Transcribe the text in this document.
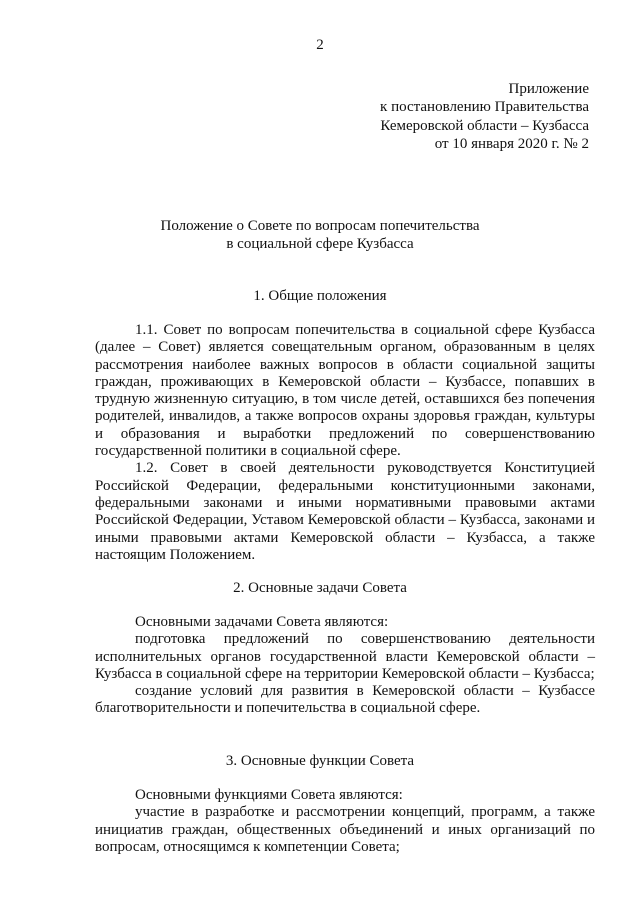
2
Приложение
к постановлению Правительства
Кемеровской области – Кузбасса
от 10 января 2020 г. № 2
Положение о Совете по вопросам попечительства
в социальной сфере Кузбасса
1. Общие положения

1.1. Совет по вопросам попечительства в социальной сфере Кузбасса (далее – Совет) является совещательным органом, образованным в целях рассмотрения наиболее важных вопросов в области социальной защиты граждан, проживающих в Кемеровской области – Кузбассе, попавших в трудную жизненную ситуацию, в том числе детей, оставшихся без попечения родителей, инвалидов, а также вопросов охраны здоровья граждан, культуры и образования и выработки предложений по совершенствованию государственной политики в социальной сфере.

1.2. Совет в своей деятельности руководствуется Конституцией Российской Федерации, федеральными конституционными законами, федеральными законами и иными нормативными правовыми актами Российской Федерации, Уставом Кемеровской области – Кузбасса, законами и иными правовыми актами Кемеровской области – Кузбасса, а также настоящим Положением.

2. Основные задачи Совета

Основными задачами Совета являются:

подготовка предложений по совершенствованию деятельности исполнительных органов государственной власти Кемеровской области – Кузбасса в социальной сфере на территории Кемеровской области – Кузбасса;

создание условий для развития в Кемеровской области – Кузбассе благотворительности и попечительства в социальной сфере.

3. Основные функции Совета

Основными функциями Совета являются:

участие в разработке и рассмотрении концепций, программ, а также инициатив граждан, общественных объединений и иных организаций по вопросам, относящимся к компетенции Совета;
